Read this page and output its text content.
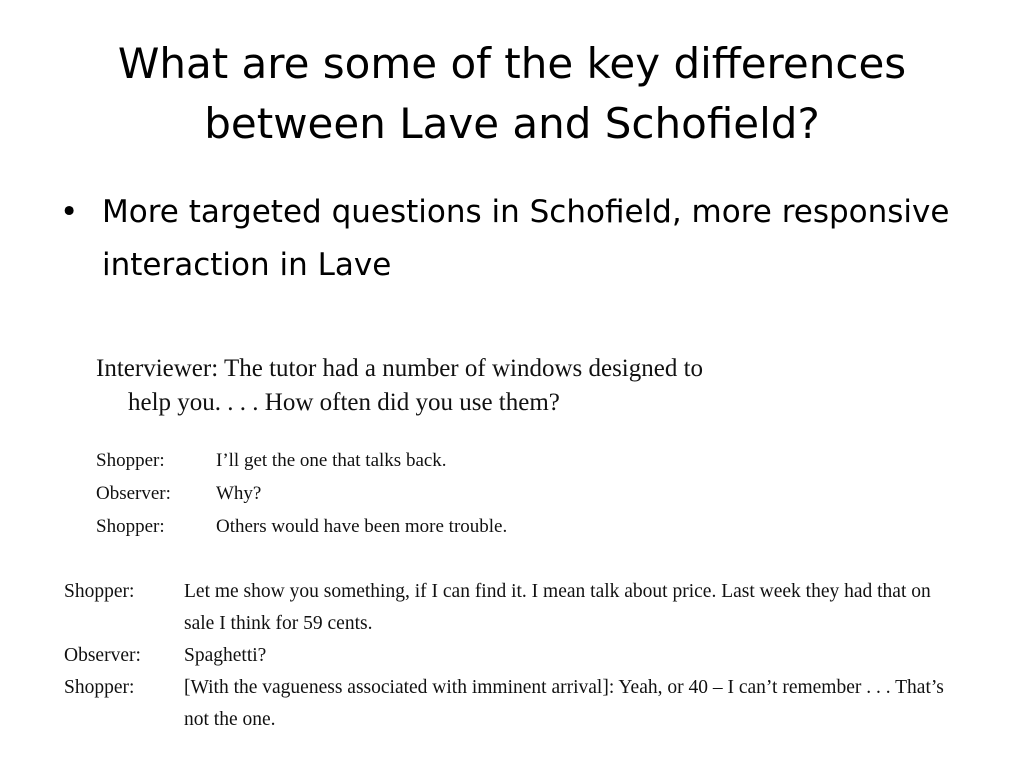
What are some of the key differences between Lave and Schofield?
• More targeted questions in Schofield, more responsive interaction in Lave
Interviewer: The tutor had a number of windows designed to
help you. . . . How often did you use them?
Shopper:	I’ll get the one that talks back.
Observer:	Why?
Shopper:	Others would have been more trouble.
Shopper:	Let me show you something, if I can find it. I mean talk about price. Last week they had that on sale I think for 59 cents.
Observer:	Spaghetti?
Shopper:	[With the vagueness associated with imminent arrival]: Yeah, or 40 – I can’t remember . . . That’s not the one.
